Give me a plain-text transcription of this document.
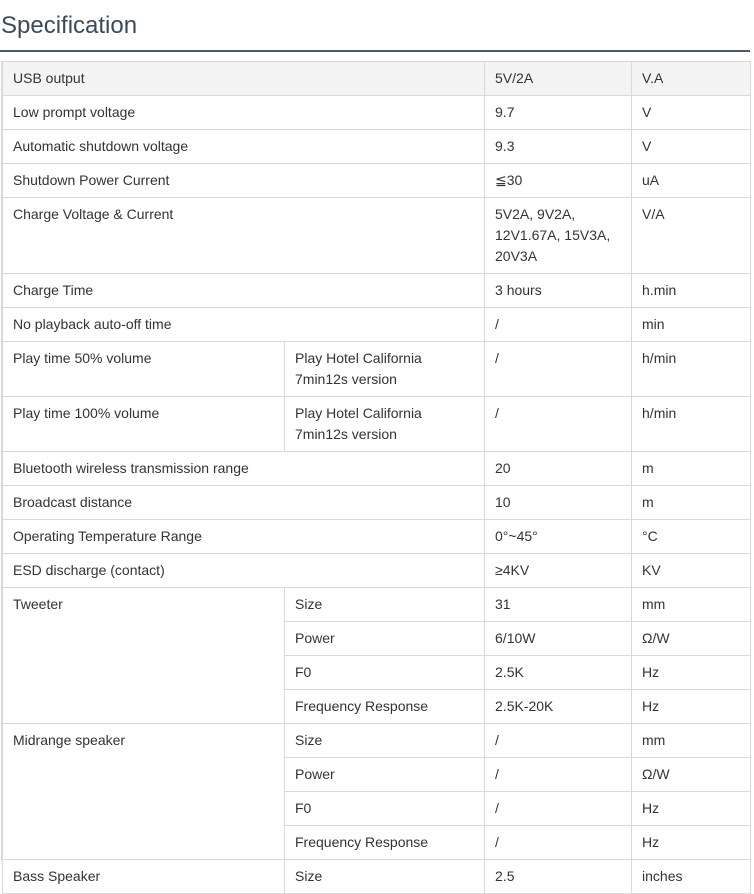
Specification
USB output		5V/2A	V.A
Low prompt voltage		9.7	V
Automatic shutdown voltage		9.3	V
Shutdown Power Current		≦30	uA
Charge Voltage & Current		5V2A, 9V2A, 12V1.67A, 15V3A, 20V3A	V/A
Charge Time		3 hours	h.min
No playback auto-off time		/	min
Play time 50% volume	Play Hotel California 7min12s version	/	h/min
Play time 100% volume	Play Hotel California 7min12s version	/	h/min
Bluetooth wireless transmission range		20	m
Broadcast distance		10	m
Operating Temperature Range		0°~45°	°C
ESD discharge (contact)		≥4KV	KV
Tweeter	Size	31	mm
	Power	6/10W	Ω/W
	F0	2.5K	Hz
	Frequency Response	2.5K-20K	Hz
Midrange speaker	Size	/	mm
	Power	/	Ω/W
	F0	/	Hz
	Frequency Response	/	Hz
Bass Speaker	Size	2.5	inches
